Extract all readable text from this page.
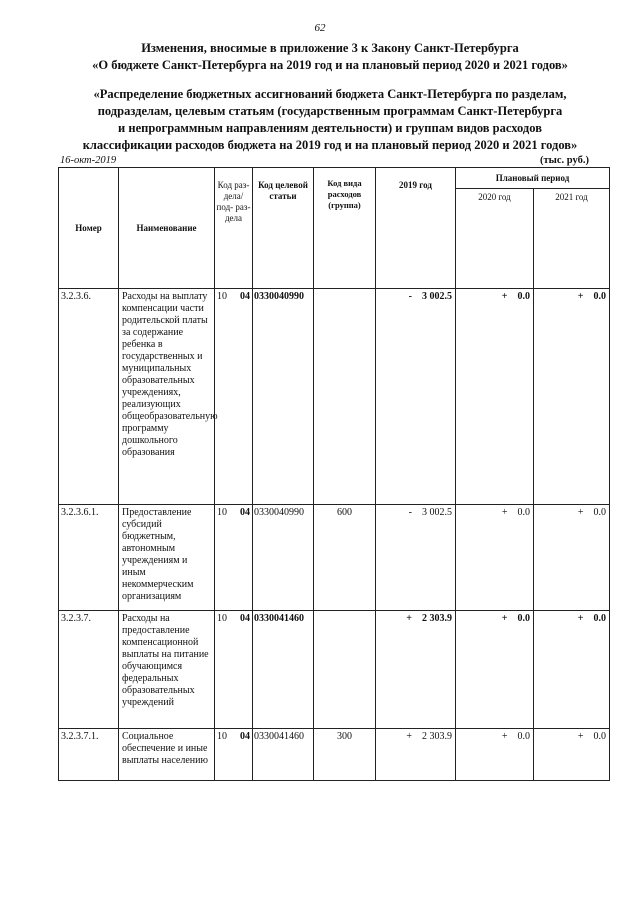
62
Изменения, вносимые в приложение 3 к Закону Санкт-Петербурга
«О бюджете Санкт-Петербурга на 2019 год и на плановый период 2020 и 2021 годов»
«Распределение бюджетных ассигнований бюджета Санкт-Петербурга по разделам,
подразделам, целевым статьям (государственным программам Санкт-Петербурга
и непрограммным направлениям деятельности) и группам видов расходов
классификации расходов бюджета на 2019 год и на плановый период 2020 и 2021 годов»
16-окт-2019	(тыс. руб.)
Номер	Наименование	Код раз- дела/ под- раз- дела	Код целевой статьи	Код вида расходов (группа)	2019 год	Плановый период	
						2020 год	2021 год
3.2.3.6.	Расходы на выплату компенсации части родительской платы за содержание ребенка в государственных и муниципальных образовательных учреждениях, реализующих общеобразовательную программу дошкольного образования	10 04	0330040990		- 3 002.5	+ 0.0	+ 0.0
3.2.3.6.1.	Предоставление субсидий бюджетным, автономным учреждениям и иным некоммерческим организациям	10 04	0330040990	600	- 3 002.5	+ 0.0	+ 0.0
3.2.3.7.	Расходы на предоставление компенсационной выплаты на питание обучающимся федеральных образовательных учреждений	10 04	0330041460		+ 2 303.9	+ 0.0	+ 0.0
3.2.3.7.1.	Социальное обеспечение и иные выплаты населению	10 04	0330041460	300	+ 2 303.9	+ 0.0	+ 0.0
